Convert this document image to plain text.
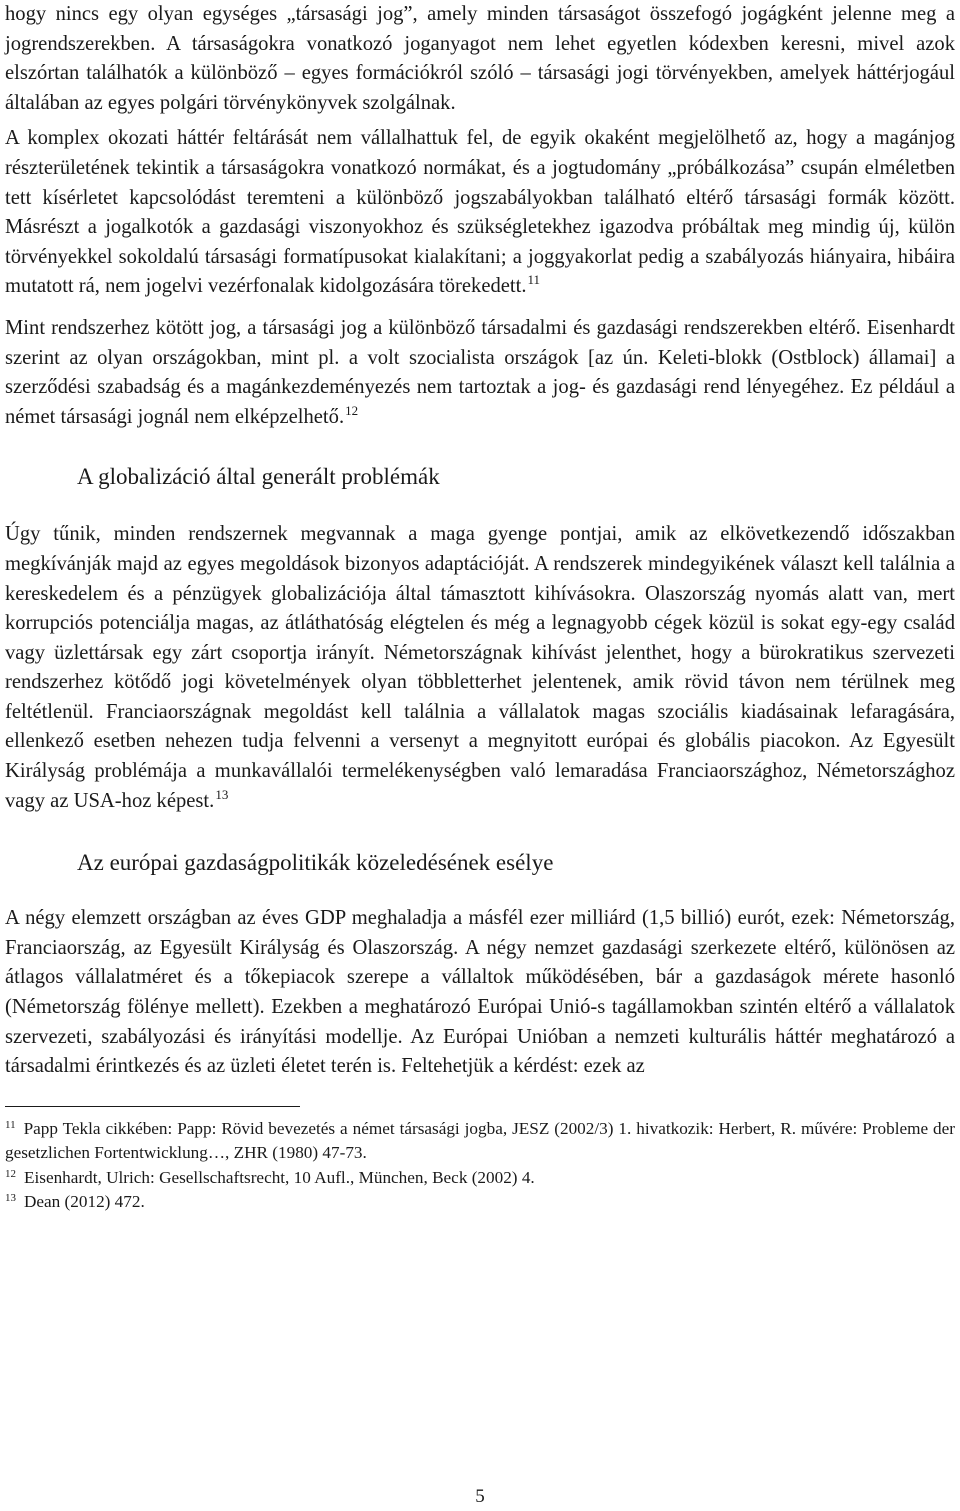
hogy nincs egy olyan egységes „társasági jog”, amely minden társaságot összefogó jogágként jelenne meg a jogrendszerekben. A társaságokra vonatkozó joganyagot nem lehet egyetlen kódexben keresni, mivel azok elszórtan találhatók a különböző – egyes formációkról szóló – társasági jogi törvényekben, amelyek háttérjogául általában az egyes polgári törvénykönyvek szolgálnak.

A komplex okozati háttér feltárását nem vállalhattuk fel, de egyik okaként megjelölhető az, hogy a magánjog részterületének tekintik a társaságokra vonatkozó normákat, és a jogtudomány „próbálkozása” csupán elméletben tett kísérletet kapcsolódást teremteni a különböző jogszabályokban található eltérő társasági formák között. Másrészt a jogalkotók a gazdasági viszonyokhoz és szükségletekhez igazodva próbáltak meg mindig új, külön törvényekkel sokoldalú társasági formatípusokat kialakítani; a joggyakorlat pedig a szabályozás hiányaira, hibáira mutatott rá, nem jogelvi vezérfonalak kidolgozására törekedett.$^{11}$

Mint rendszerhez kötött jog, a társasági jog a különböző társadalmi és gazdasági rendszerekben eltérő. Eisenhardt szerint az olyan országokban, mint pl. a volt szocialista országok [az ún. Keleti-blokk (Ostblock) államai] a szerződési szabadság és a magánkezdeményezés nem tartoztak a jog- és gazdasági rend lényegéhez. Ez például a német társasági jognál nem elképzelhető.$^{12}$

A globalizáció által generált problémák

Úgy tűnik, minden rendszernek megvannak a maga gyenge pontjai, amik az elkövetkezendő időszakban megkívánják majd az egyes megoldások bizonyos adaptációját. A rendszerek mindegyikének választ kell találnia a kereskedelem és a pénzügyek globalizációja által támasztott kihívásokra. Olaszország nyomás alatt van, mert korrupciós potenciálja magas, az átláthatóság elégtelen és még a legnagyobb cégek közül is sokat egy-egy család vagy üzlettársak egy zárt csoportja irányít. Németországnak kihívást jelenthet, hogy a bürokratikus szervezeti rendszerhez kötődő jogi követelmények olyan többletterhet jelentenek, amik rövid távon nem térülnek meg feltétlenül. Franciaországnak megoldást kell találnia a vállalatok magas szociális kiadásainak lefaragására, ellenkező esetben nehezen tudja felvenni a versenyt a megnyitott európai és globális piacokon. Az Egyesült Királyság problémája a munkavállalói termelékenységben való lemaradása Franciaországhoz, Németországhoz vagy az USA-hoz képest.$^{13}$

Az európai gazdaságpolitikák közeledésének esélye

A négy elemzett országban az éves GDP meghaladja a másfél ezer milliárd (1,5 billió) eurót, ezek: Németország, Franciaország, az Egyesült Királyság és Olaszország. A négy nemzet gazdasági szerkezete eltérő, különösen az átlagos vállalatméret és a tőkepiacok szerepe a vállaltok működésében, bár a gazdaságok mérete hasonló (Németország fölénye mellett). Ezekben a meghatározó Európai Unió-s tagállamokban szintén eltérő a vállalatok szervezeti, szabályozási és irányítási modellje. Az Európai Unióban a nemzeti kulturális háttér meghatározó a társadalmi érintkezés és az üzleti életet terén is. Feltehetjük a kérdést: ezek az

$^{11}$ Papp Tekla cikkében: Papp: Rövid bevezetés a német társasági jogba, JESZ (2002/3) 1. hivatkozik: Herbert, R. művére: Probleme der gesetzlichen Fortentwicklung…, ZHR (1980) 47-73.

$^{12}$ Eisenhardt, Ulrich: Gesellschaftsrecht, 10 Aufl., München, Beck (2002) 4.

$^{13}$ Dean (2012) 472.

5
